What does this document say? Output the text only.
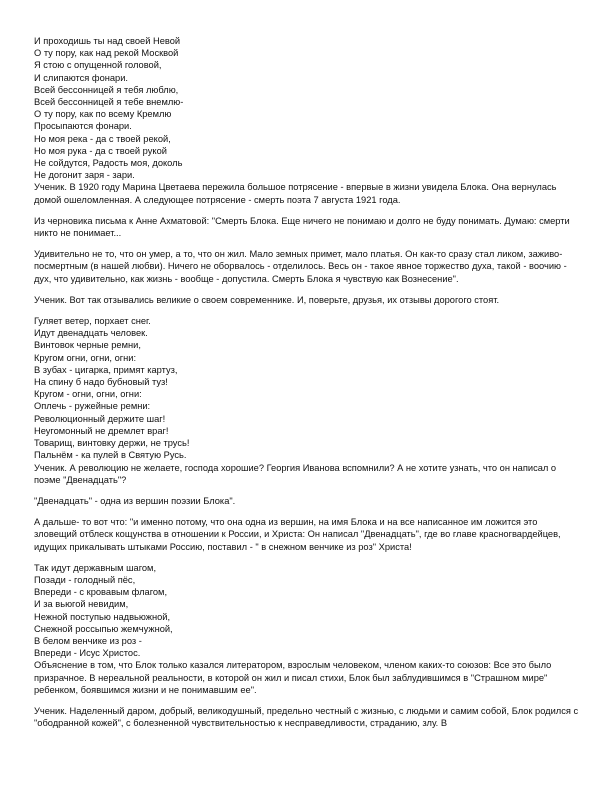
И проходишь ты над своей Невой
О ту пору, как над рекой Москвой
Я стою с опущенной головой,
И слипаются фонари.
Всей бессонницей я тебя люблю,
Всей бессонницей я тебе внемлю-
О ту пору, как по всему Кремлю
Просыпаются фонари.
Но моя река - да с твоей рекой,
Но моя рука - да с твоей рукой
Не сойдутся, Радость моя, доколь
Не догонит заря - зари.
Ученик. В 1920 году Марина Цветаева пережила большое потрясение - впервые в жизни увидела Блока. Она вернулась домой ошеломленная. А следующее потрясение - смерть поэта 7 августа 1921 года.
Из черновика письма к Анне Ахматовой: "Смерть Блока. Еще ничего не понимаю и долго не буду понимать. Думаю: смерти никто не понимает...
Удивительно не то, что он умер, а то, что он жил. Мало земных примет, мало платья. Он как-то сразу стал ликом, заживо-посмертным (в нашей любви). Ничего не оборвалось - отделилось. Весь он - такое явное торжество духа, такой - воочию - дух, что удивительно, как жизнь - вообще - допустила. Смерть Блока я чувствую как Вознесение".
Ученик. Вот так отзывались великие о своем современнике. И, поверьте, друзья, их отзывы дорогого стоят.
Гуляет ветер, порхает снег.
Идут двенадцать человек.
Винтовок черные ремни,
Кругом огни, огни, огни:
В зубах - цигарка, примят картуз,
На спину б надо бубновый туз!
Кругом - огни, огни, огни:
Оплечь - ружейные ремни:
Революционный держите шаг!
Неугомонный не дремлет враг!
Товарищ, винтовку держи, не трусь!
Пальнём - ка пулей в Святую Русь.
Ученик. А революцию не желаете, господа хорошие? Георгия Иванова вспомнили? А не хотите узнать, что он написал о поэме "Двенадцать"?
"Двенадцать" - одна из вершин поэзии Блока".
А дальше- то вот что: "и именно потому, что она одна из вершин, на имя Блока и на все написанное им ложится это зловещий отблеск кощунства в отношении к России, и Христа: Он написал "Двенадцать", где во главе красногвардейцев, идущих прикалывать штыками Россию, поставил - " в снежном венчике из роз" Христа!
Так идут державным шагом,
Позади - голодный пёс,
Впереди - с кровавым флагом,
И за вьюгой невидим,
Нежной поступью надвьюжной,
Снежной россыпью жемчужной,
В белом венчике из роз -
Впереди - Исус Христос.
Объяснение в том, что Блок только казался литератором, взрослым человеком, членом каких-то союзов: Все это было призрачное. В нереальной реальности, в которой он жил и писал стихи, Блок был заблудившимся в "Страшном мире" ребенком, боявшимся жизни и не понимавшим ее".
Ученик. Наделенный даром, добрый, великодушный, предельно честный с жизнью, с людьми и самим собой, Блок родился с "ободранной кожей", с болезненной чувствительностью к несправедливости, страданию, злу. В
